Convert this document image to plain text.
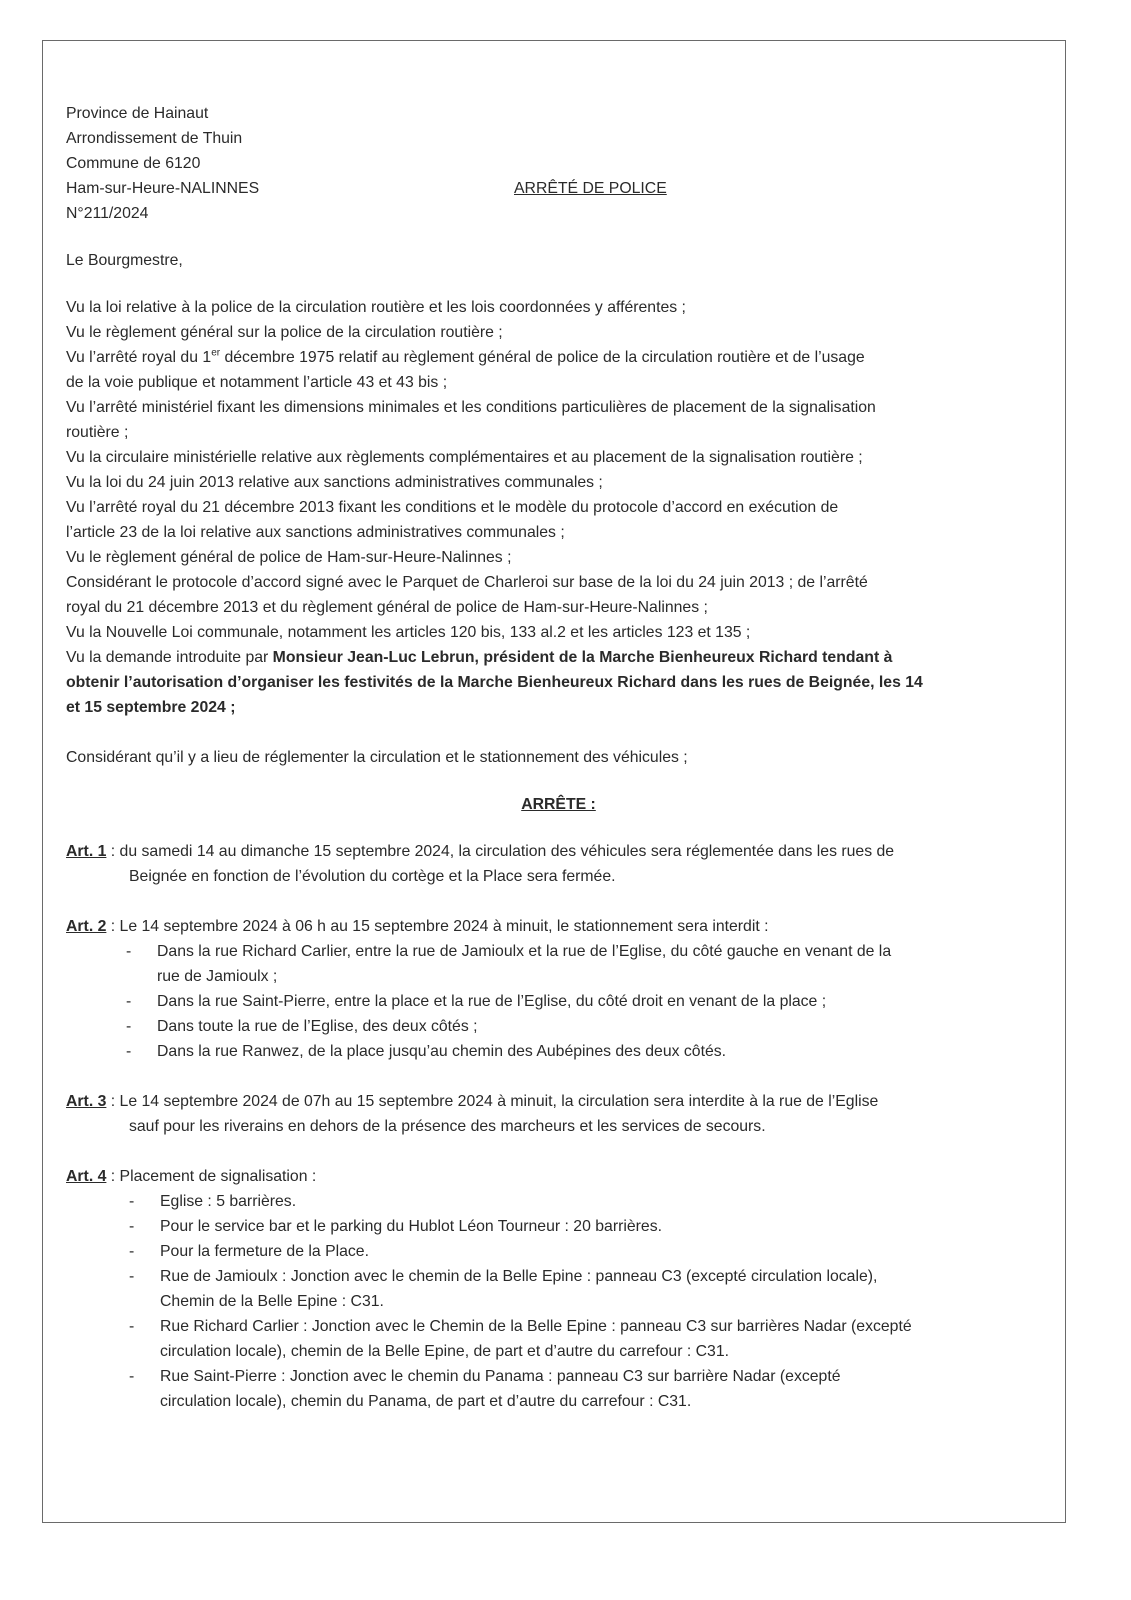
Province de Hainaut
Arrondissement de Thuin
Commune de 6120
Ham-sur-Heure-NALINNES	ARRÊTÉ DE POLICE
N°211/2024
Le Bourgmestre,
Vu la loi relative à la police de la circulation routière et les lois coordonnées y afférentes ;
Vu le règlement général sur la police de la circulation routière ;
Vu l’arrêté royal du 1er décembre 1975 relatif au règlement général de police de la circulation routière et de l’usage
de la voie publique et notamment l’article 43 et 43 bis ;
Vu l’arrêté ministériel fixant les dimensions minimales et les conditions particulières de placement de la signalisation
routière ;
Vu la circulaire ministérielle relative aux règlements complémentaires et au placement de la signalisation routière ;
Vu la loi du 24 juin 2013 relative aux sanctions administratives communales ;
Vu l’arrêté royal du 21 décembre 2013 fixant les conditions et le modèle du protocole d’accord en exécution de
l’article 23 de la loi relative aux sanctions administratives communales ;
Vu le règlement général de police de Ham-sur-Heure-Nalinnes ;
Considérant le protocole d’accord signé avec le Parquet de Charleroi sur base de la loi du 24 juin 2013 ; de l’arrêté
royal du 21 décembre 2013 et du règlement général de police de Ham-sur-Heure-Nalinnes ;
Vu la Nouvelle Loi communale, notamment les articles 120 bis, 133 al.2 et les articles 123 et 135 ;
Vu la demande introduite par Monsieur Jean-Luc Lebrun, président de la Marche Bienheureux Richard tendant à
obtenir l’autorisation d’organiser les festivités de la Marche Bienheureux Richard dans les rues de Beignée, les 14
et 15 septembre 2024 ;
Considérant qu’il y a lieu de réglementer la circulation et le stationnement des véhicules ;
ARRÊTE :
Art. 1 : du samedi 14 au dimanche 15 septembre 2024, la circulation des véhicules sera réglementée dans les rues de
Beignée en fonction de l’évolution du cortège et la Place sera fermée.
Art. 2 : Le 14 septembre 2024 à 06 h au 15 septembre 2024 à minuit, le stationnement sera interdit :
- Dans la rue Richard Carlier, entre la rue de Jamioulx et la rue de l’Eglise, du côté gauche en venant de la
rue de Jamioulx ;
- Dans la rue Saint-Pierre, entre la place et la rue de l’Eglise, du côté droit en venant de la place ;
- Dans toute la rue de l’Eglise, des deux côtés ;
- Dans la rue Ranwez, de la place jusqu’au chemin des Aubépines des deux côtés.
Art. 3 : Le 14 septembre 2024 de 07h au 15 septembre 2024 à minuit, la circulation sera interdite à la rue de l’Eglise
sauf pour les riverains en dehors de la présence des marcheurs et les services de secours.
Art. 4 : Placement de signalisation :
- Eglise : 5 barrières.
- Pour le service bar et le parking du Hublot Léon Tourneur : 20 barrières.
- Pour la fermeture de la Place.
- Rue de Jamioulx : Jonction avec le chemin de la Belle Epine : panneau C3 (excepté circulation locale),
Chemin de la Belle Epine : C31.
- Rue Richard Carlier : Jonction avec le Chemin de la Belle Epine : panneau C3 sur barrières Nadar (excepté
circulation locale), chemin de la Belle Epine, de part et d’autre du carrefour : C31.
- Rue Saint-Pierre : Jonction avec le chemin du Panama : panneau C3 sur barrière Nadar (excepté
circulation locale), chemin du Panama, de part et d’autre du carrefour : C31.
